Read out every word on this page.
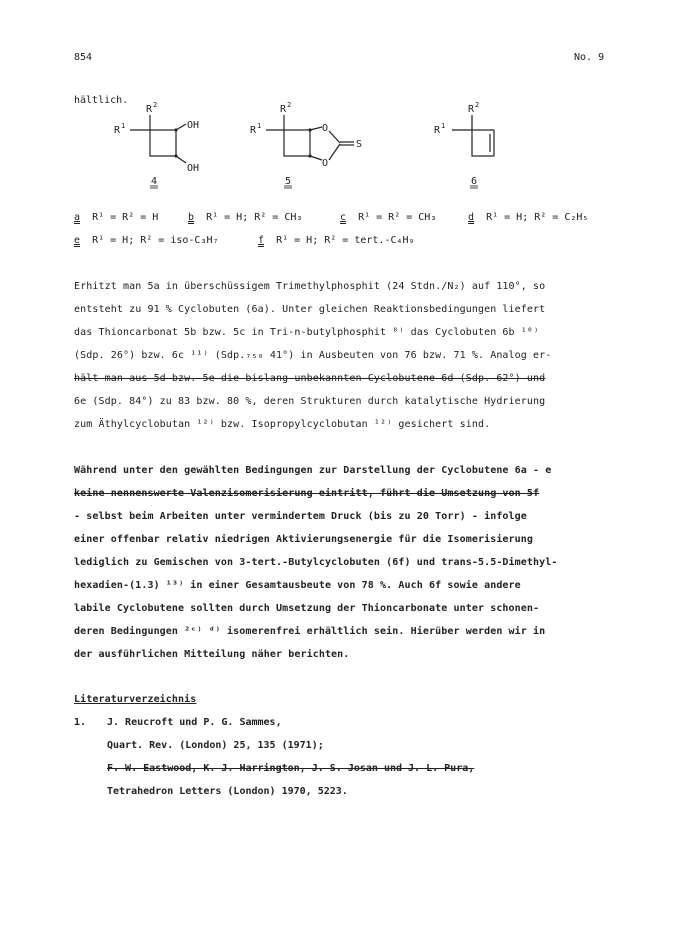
854	No. 9
hältlich.
R 2
R 1	OH
OH
4
R 2
R 1	O
O
S
5
R 2
R 1
6
a R¹ = R² = H	b R¹ = H; R² = CH₃	c R¹ = R² = CH₃	d R¹ = H; R² = C₂H₅
e R¹ = H; R² = iso-C₃H₇	f R¹ = H; R² = tert.-C₄H₉
Erhitzt man 5a in überschüssigem Trimethylphosphit (24 Stdn./N₂) auf 110°, so
entsteht zu 91 % Cyclobuten (6a). Unter gleichen Reaktionsbedingungen liefert
das Thioncarbonat 5b bzw. 5c in Tri-n-butylphosphit ⁸⁾ das Cyclobuten 6b ¹⁰⁾
(Sdp. 26°) bzw. 6c ¹¹⁾ (Sdp.₇₅₀ 41°) in Ausbeuten von 76 bzw. 71 %. Analog er-
hält man aus 5d bzw. 5e die bislang unbekannten Cyclobutene 6d (Sdp. 62°) und
6e (Sdp. 84°) zu 83 bzw. 80 %, deren Strukturen durch katalytische Hydrierung
zum Äthylcyclobutan ¹²⁾ bzw. Isopropylcyclobutan ¹²⁾ gesichert sind.
Während unter den gewählten Bedingungen zur Darstellung der Cyclobutene 6a - e
keine nennenswerte Valenzisomerisierung eintritt, führt die Umsetzung von 5f
- selbst beim Arbeiten unter vermindertem Druck (bis zu 20 Torr) - infolge
einer offenbar relativ niedrigen Aktivierungsenergie für die Isomerisierung
lediglich zu Gemischen von 3-tert.-Butylcyclobuten (6f) und trans-5.5-Dimethyl-
hexadien-(1.3) ¹³⁾ in einer Gesamtausbeute von 78 %. Auch 6f sowie andere
labile Cyclobutene sollten durch Umsetzung der Thioncarbonate unter schonen-
deren Bedingungen ²ᶜ⁾ ᵈ⁾ isomerenfrei erhältlich sein. Hierüber werden wir in
der ausführlichen Mitteilung näher berichten.
Literaturverzeichnis
1. J. Reucroft und P. G. Sammes,
Quart. Rev. (London) 25, 135 (1971);
F. W. Eastwood, K. J. Harrington, J. S. Josan und J. L. Pura,
Tetrahedron Letters (London) 1970, 5223.
